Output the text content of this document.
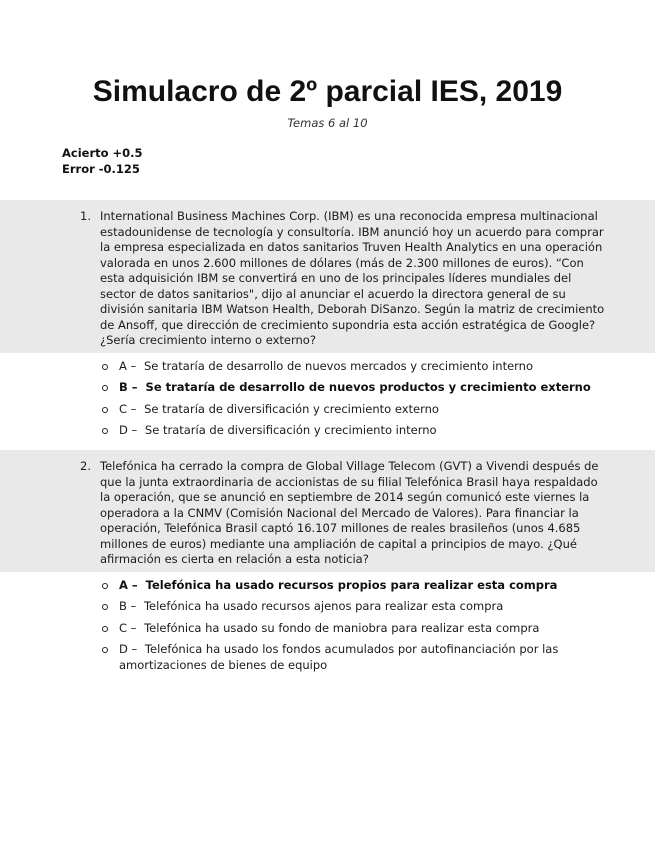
Simulacro de 2º parcial IES, 2019
Temas 6 al 10
Acierto +0.5
Error -0.125
1. International Business Machines Corp. (IBM) es una reconocida empresa multinacional estadounidense de tecnología y consultoría. IBM anunció hoy un acuerdo para comprar la empresa especializada en datos sanitarios Truven Health Analytics en una operación valorada en unos 2.600 millones de dólares (más de 2.300 millones de euros). “Con esta adquisición IBM se convertirá en uno de los principales líderes mundiales del sector de datos sanitarios", dijo al anunciar el acuerdo la directora general de su división sanitaria IBM Watson Health, Deborah DiSanzo. Según la matriz de crecimiento de Ansoff, que dirección de crecimiento supondria esta acción estratégica de Google? ¿Sería crecimiento interno o externo?
A – Se trataría de desarrollo de nuevos mercados y crecimiento interno
B – Se trataría de desarrollo de nuevos productos y crecimiento externo
C – Se trataría de diversificación y crecimiento externo
D – Se trataría de diversificación y crecimiento interno
2. Telefónica ha cerrado la compra de Global Village Telecom (GVT) a Vivendi después de que la junta extraordinaria de accionistas de su filial Telefónica Brasil haya respaldado la operación, que se anunció en septiembre de 2014 según comunicó este viernes la operadora a la CNMV (Comisión Nacional del Mercado de Valores). Para financiar la operación, Telefónica Brasil captó 16.107 millones de reales brasileños (unos 4.685 millones de euros) mediante una ampliación de capital a principios de mayo. ¿Qué afirmación es cierta en relación a esta noticia?
A – Telefónica ha usado recursos propios para realizar esta compra
B – Telefónica ha usado recursos ajenos para realizar esta compra
C – Telefónica ha usado su fondo de maniobra para realizar esta compra
D – Telefónica ha usado los fondos acumulados por autofinanciación por las amortizaciones de bienes de equipo
